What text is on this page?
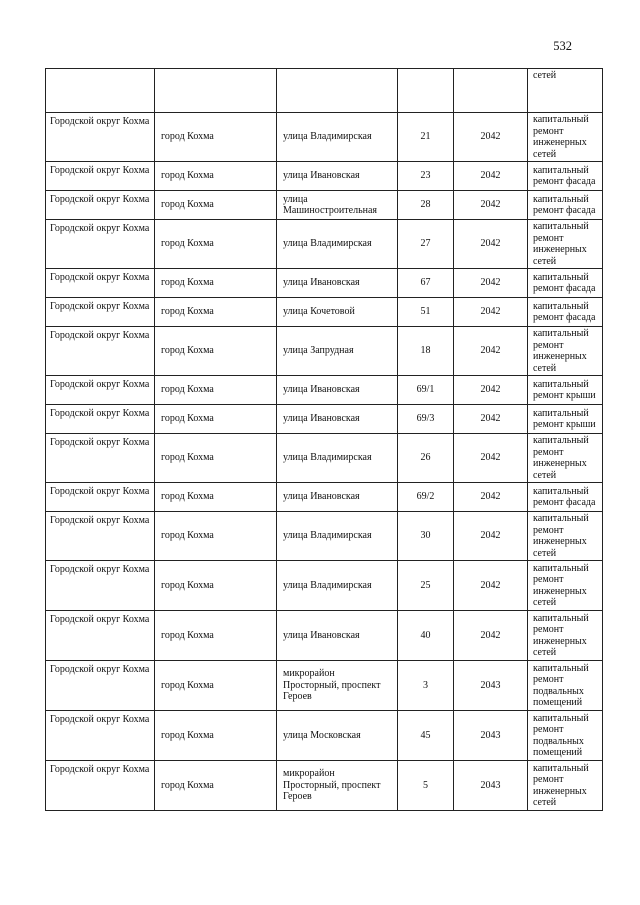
532
					сетей
Городской округ Кохма	город Кохма	улица Владимирская	21	2042	капитальный ремонт инженерных сетей
Городской округ Кохма	город Кохма	улица Ивановская	23	2042	капитальный ремонт фасада
Городской округ Кохма	город Кохма	улица Машиностроительная	28	2042	капитальный ремонт фасада
Городской округ Кохма	город Кохма	улица Владимирская	27	2042	капитальный ремонт инженерных сетей
Городской округ Кохма	город Кохма	улица Ивановская	67	2042	капитальный ремонт фасада
Городской округ Кохма	город Кохма	улица Кочетовой	51	2042	капитальный ремонт фасада
Городской округ Кохма	город Кохма	улица Запрудная	18	2042	капитальный ремонт инженерных сетей
Городской округ Кохма	город Кохма	улица Ивановская	69/1	2042	капитальный ремонт крыши
Городской округ Кохма	город Кохма	улица Ивановская	69/3	2042	капитальный ремонт крыши
Городской округ Кохма	город Кохма	улица Владимирская	26	2042	капитальный ремонт инженерных сетей
Городской округ Кохма	город Кохма	улица Ивановская	69/2	2042	капитальный ремонт фасада
Городской округ Кохма	город Кохма	улица Владимирская	30	2042	капитальный ремонт инженерных сетей
Городской округ Кохма	город Кохма	улица Владимирская	25	2042	капитальный ремонт инженерных сетей
Городской округ Кохма	город Кохма	улица Ивановская	40	2042	капитальный ремонт инженерных сетей
Городской округ Кохма	город Кохма	микрорайон Просторный, проспект Героев	3	2043	капитальный ремонт подвальных помещений
Городской округ Кохма	город Кохма	улица Московская	45	2043	капитальный ремонт подвальных помещений
Городской округ Кохма	город Кохма	микрорайон Просторный, проспект Героев	5	2043	капитальный ремонт инженерных сетей
